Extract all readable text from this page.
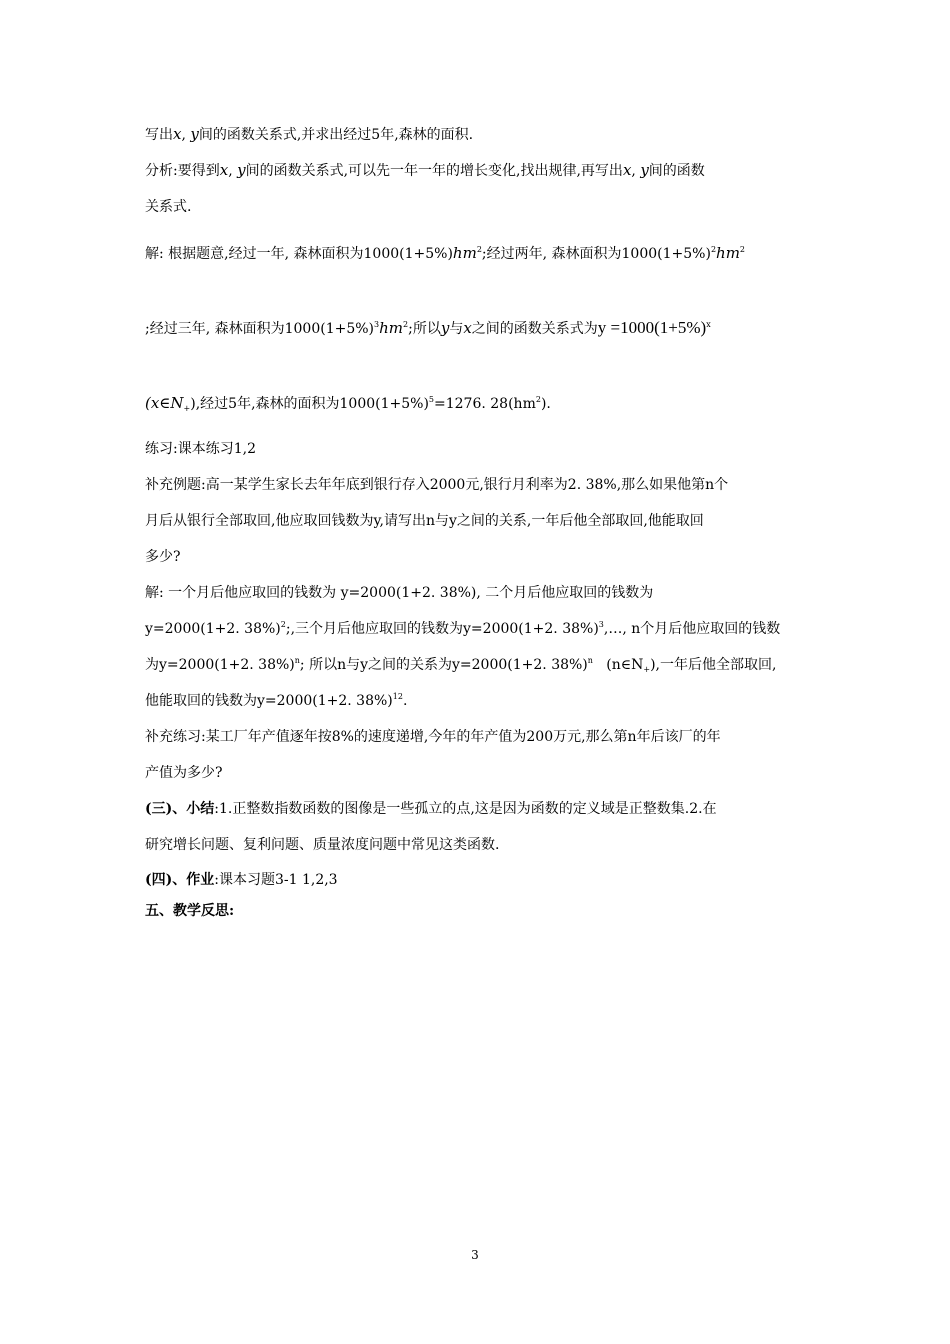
写出x, y间的函数关系式,并求出经过5年,森林的面积.
分析:要得到x, y间的函数关系式,可以先一年一年的增长变化,找出规律,再写出x, y间的函数
关系式.
解: 根据题意,经过一年, 森林面积为$1000(1+5\%)hm^2$;经过两年, 森林面积为$1000(1+5\%)^2hm^2$
;经过三年, 森林面积为$1000(1+5\%)^3hm^2$;所以y与x之间的函数关系式为$y =1000(1+5\%)^x$
$(x\in N_+)$,经过5年,森林的面积为$1000(1+5\%)^5=1276$. $28(hm^2)$.
练习:课本练习1,2
补充例题:高一某学生家长去年年底到银行存入2000元,银行月利率为2. 38%,那么如果他第n个
月后从银行全部取回,他应取回钱数为y,请写出n与y之间的关系,一年后他全部取回,他能取回
多少?
解: 一个月后他应取回的钱数为 y=2000(1+2. 38%), 二个月后他应取回的钱数为
y=2000(1+2. 38%)$^2$;,三个月后他应取回的钱数为y=2000(1+2. 38%)$^3$,…, n个月后他应取回的钱数
为y=2000(1+2. 38%)$^n$; 所以n与y之间的关系为y=2000(1+2. 38%)$^n$ $(n\in N_+)$,一年后他全部取回,
他能取回的钱数为y=2000(1+2. 38%)$^{12}$.
补充练习:某工厂年产值逐年按8%的速度递增,今年的年产值为200万元,那么第n年后该厂的年
产值为多少?
(三)、小结:1.正整数指数函数的图像是一些孤立的点,这是因为函数的定义域是正整数集.2.在
研究增长问题、复利问题、质量浓度问题中常见这类函数.
(四)、作业:课本习题3-1 1,2,3
五、教学反思:
3
